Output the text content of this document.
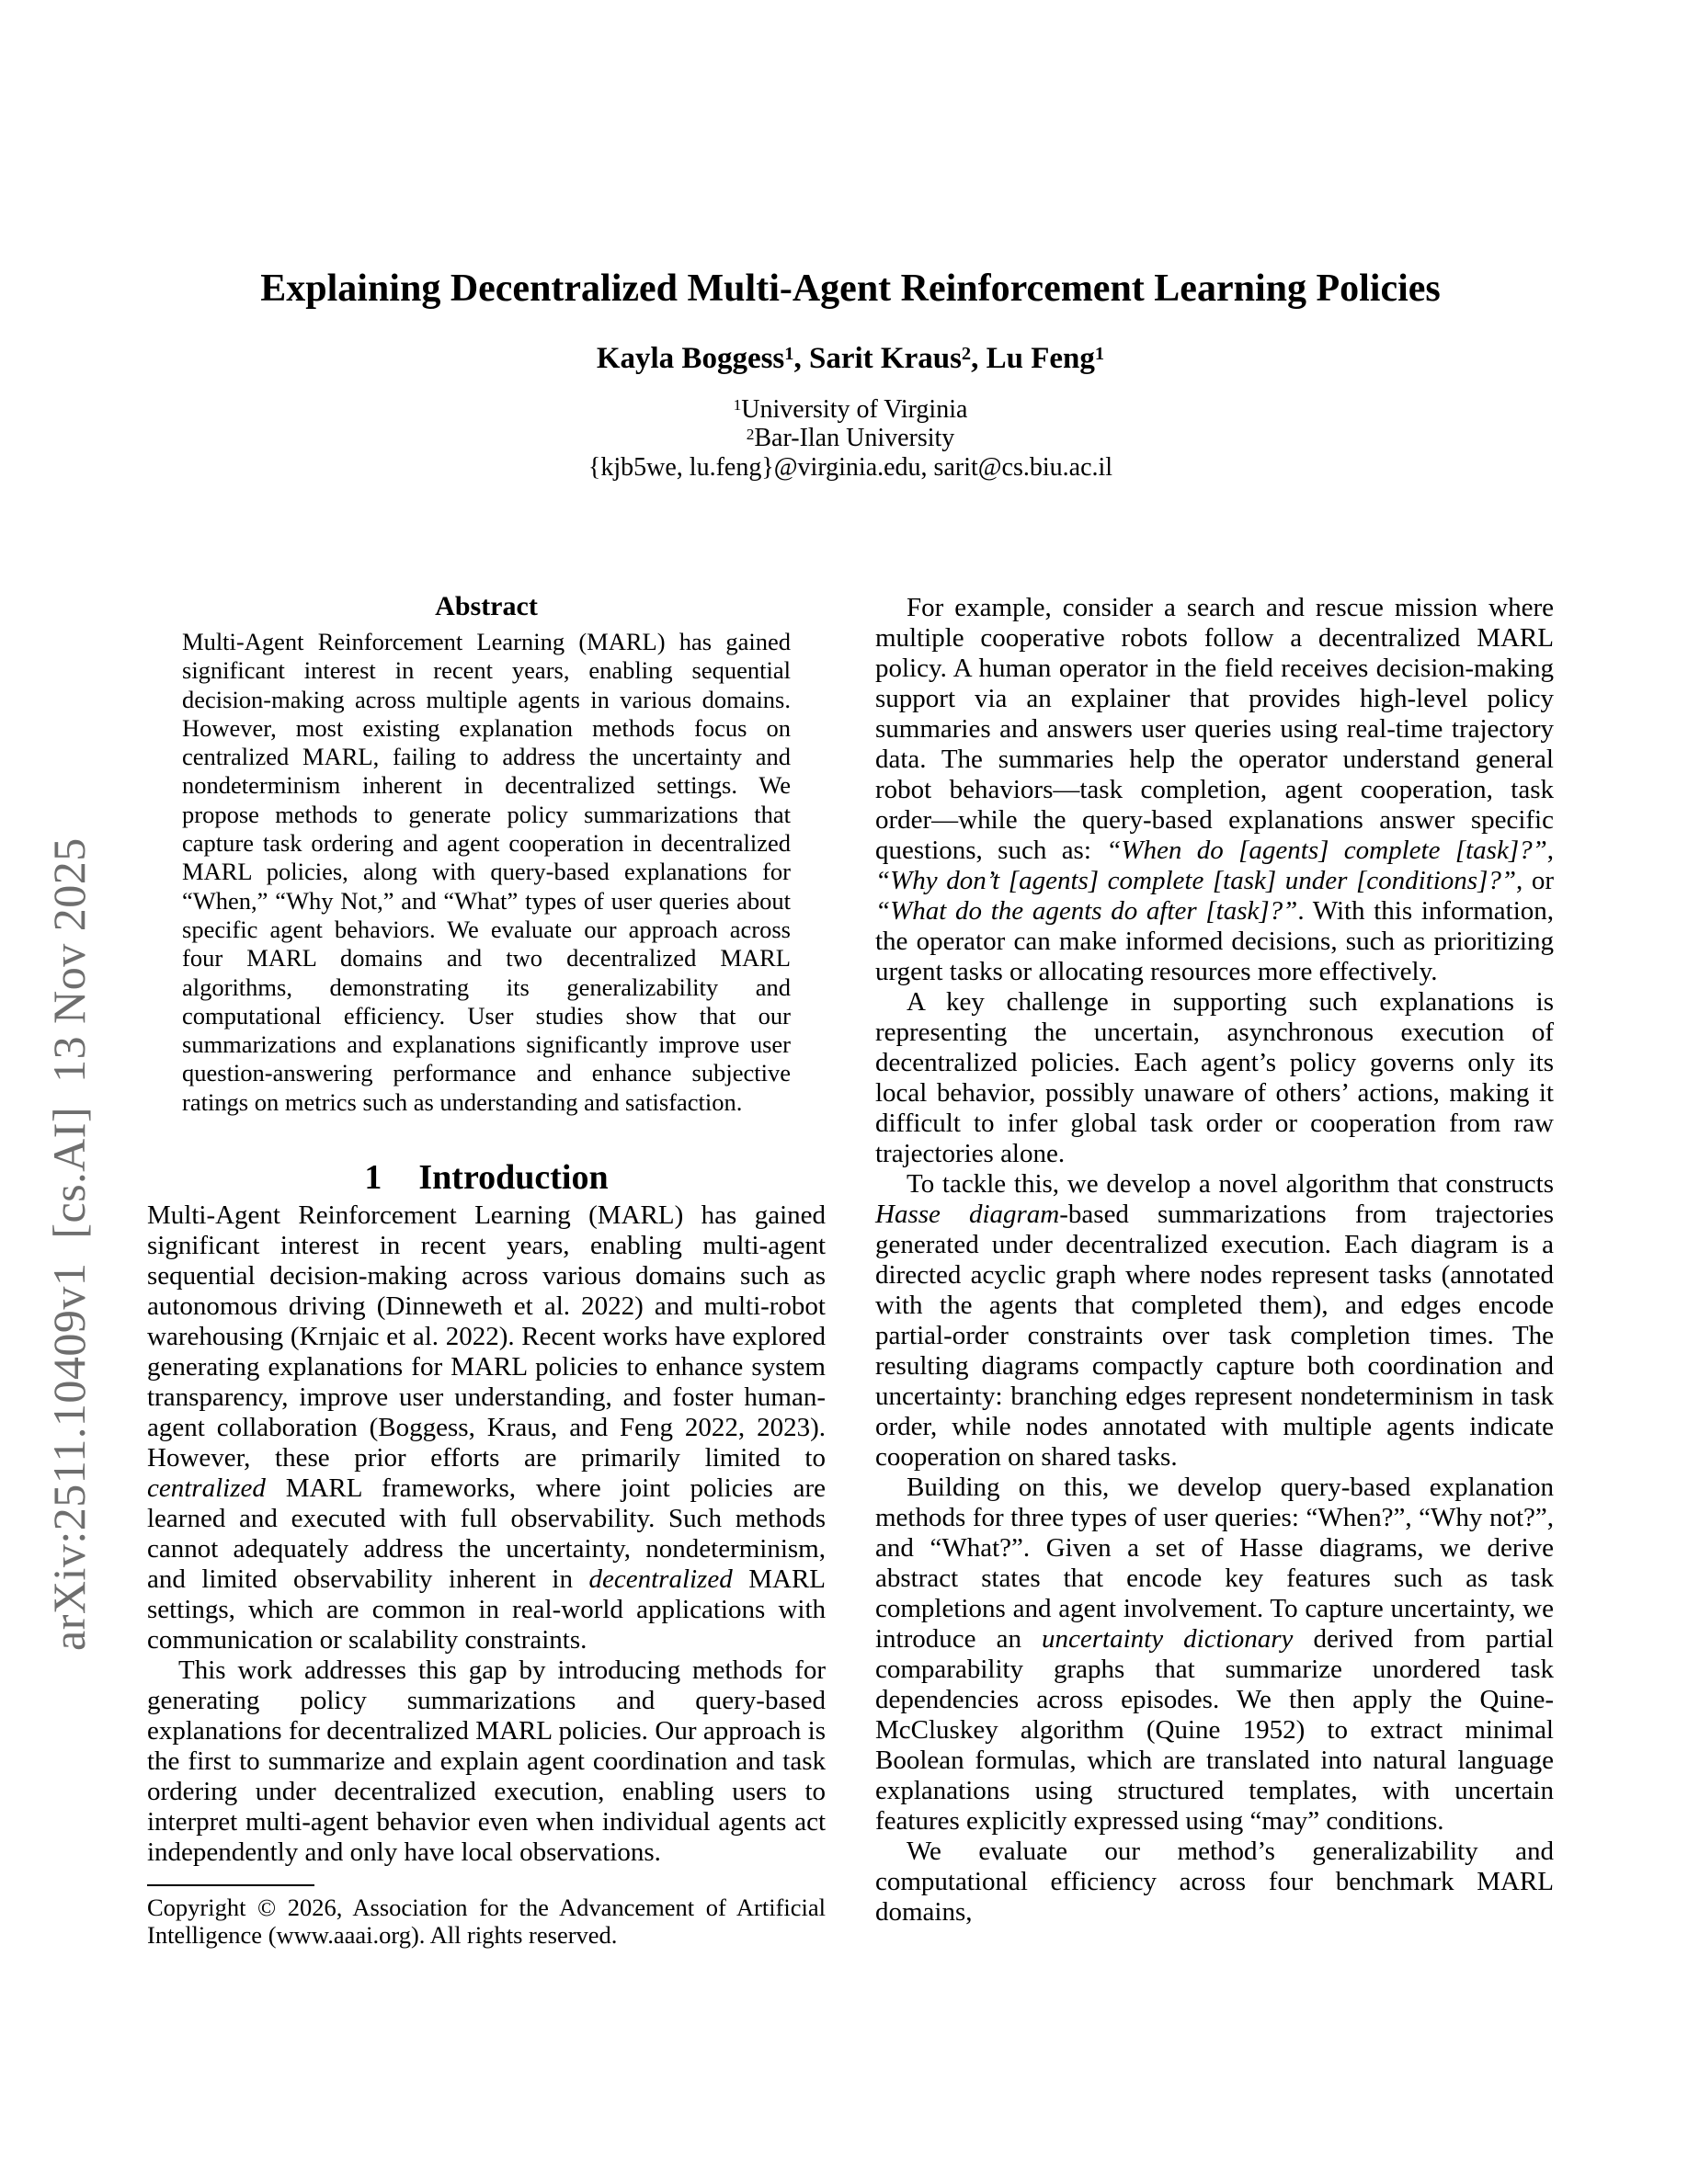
arXiv:2511.10409v1  [cs.AI]  13 Nov 2025
Explaining Decentralized Multi-Agent Reinforcement Learning Policies
Kayla Boggess$^1$, Sarit Kraus$^2$, Lu Feng$^1$
$^1$University of Virginia
$^2$Bar-Ilan University
{kjb5we, lu.feng}@virginia.edu, sarit@cs.biu.ac.il
Abstract

Multi-Agent Reinforcement Learning (MARL) has gained significant interest in recent years, enabling sequential decision-making across multiple agents in various domains. However, most existing explanation methods focus on centralized MARL, failing to address the uncertainty and nondeterminism inherent in decentralized settings. We propose methods to generate policy summarizations that capture task ordering and agent cooperation in decentralized MARL policies, along with query-based explanations for “When,” “Why Not,” and “What” types of user queries about specific agent behaviors. We evaluate our approach across four MARL domains and two decentralized MARL algorithms, demonstrating its generalizability and computational efficiency. User studies show that our summarizations and explanations significantly improve user question-answering performance and enhance subjective ratings on metrics such as understanding and satisfaction.

1 Introduction

Multi-Agent Reinforcement Learning (MARL) has gained significant interest in recent years, enabling multi-agent sequential decision-making across various domains such as autonomous driving (Dinneweth et al. 2022) and multi-robot warehousing (Krnjaic et al. 2022). Recent works have explored generating explanations for MARL policies to enhance system transparency, improve user understanding, and foster human-agent collaboration (Boggess, Kraus, and Feng 2022, 2023). However, these prior efforts are primarily limited to centralized MARL frameworks, where joint policies are learned and executed with full observability. Such methods cannot adequately address the uncertainty, nondeterminism, and limited observability inherent in decentralized MARL settings, which are common in real-world applications with communication or scalability constraints.

This work addresses this gap by introducing methods for generating policy summarizations and query-based explanations for decentralized MARL policies. Our approach is the first to summarize and explain agent coordination and task ordering under decentralized execution, enabling users to interpret multi-agent behavior even when individual agents act independently and only have local observations.

Copyright © 2026, Association for the Advancement of Artificial Intelligence (www.aaai.org). All rights reserved.

For example, consider a search and rescue mission where multiple cooperative robots follow a decentralized MARL policy. A human operator in the field receives decision-making support via an explainer that provides high-level policy summaries and answers user queries using real-time trajectory data. The summaries help the operator understand general robot behaviors—task completion, agent cooperation, task order—while the query-based explanations answer specific questions, such as: “When do [agents] complete [task]?”, “Why don’t [agents] complete [task] under [conditions]?”, or “What do the agents do after [task]?”. With this information, the operator can make informed decisions, such as prioritizing urgent tasks or allocating resources more effectively.

A key challenge in supporting such explanations is representing the uncertain, asynchronous execution of decentralized policies. Each agent’s policy governs only its local behavior, possibly unaware of others’ actions, making it difficult to infer global task order or cooperation from raw trajectories alone.

To tackle this, we develop a novel algorithm that constructs Hasse diagram-based summarizations from trajectories generated under decentralized execution. Each diagram is a directed acyclic graph where nodes represent tasks (annotated with the agents that completed them), and edges encode partial-order constraints over task completion times. The resulting diagrams compactly capture both coordination and uncertainty: branching edges represent nondeterminism in task order, while nodes annotated with multiple agents indicate cooperation on shared tasks.

Building on this, we develop query-based explanation methods for three types of user queries: “When?”, “Why not?”, and “What?”. Given a set of Hasse diagrams, we derive abstract states that encode key features such as task completions and agent involvement. To capture uncertainty, we introduce an uncertainty dictionary derived from partial comparability graphs that summarize unordered task dependencies across episodes. We then apply the Quine-McCluskey algorithm (Quine 1952) to extract minimal Boolean formulas, which are translated into natural language explanations using structured templates, with uncertain features explicitly expressed using “may” conditions.

We evaluate our method’s generalizability and computational efficiency across four benchmark MARL domains,
